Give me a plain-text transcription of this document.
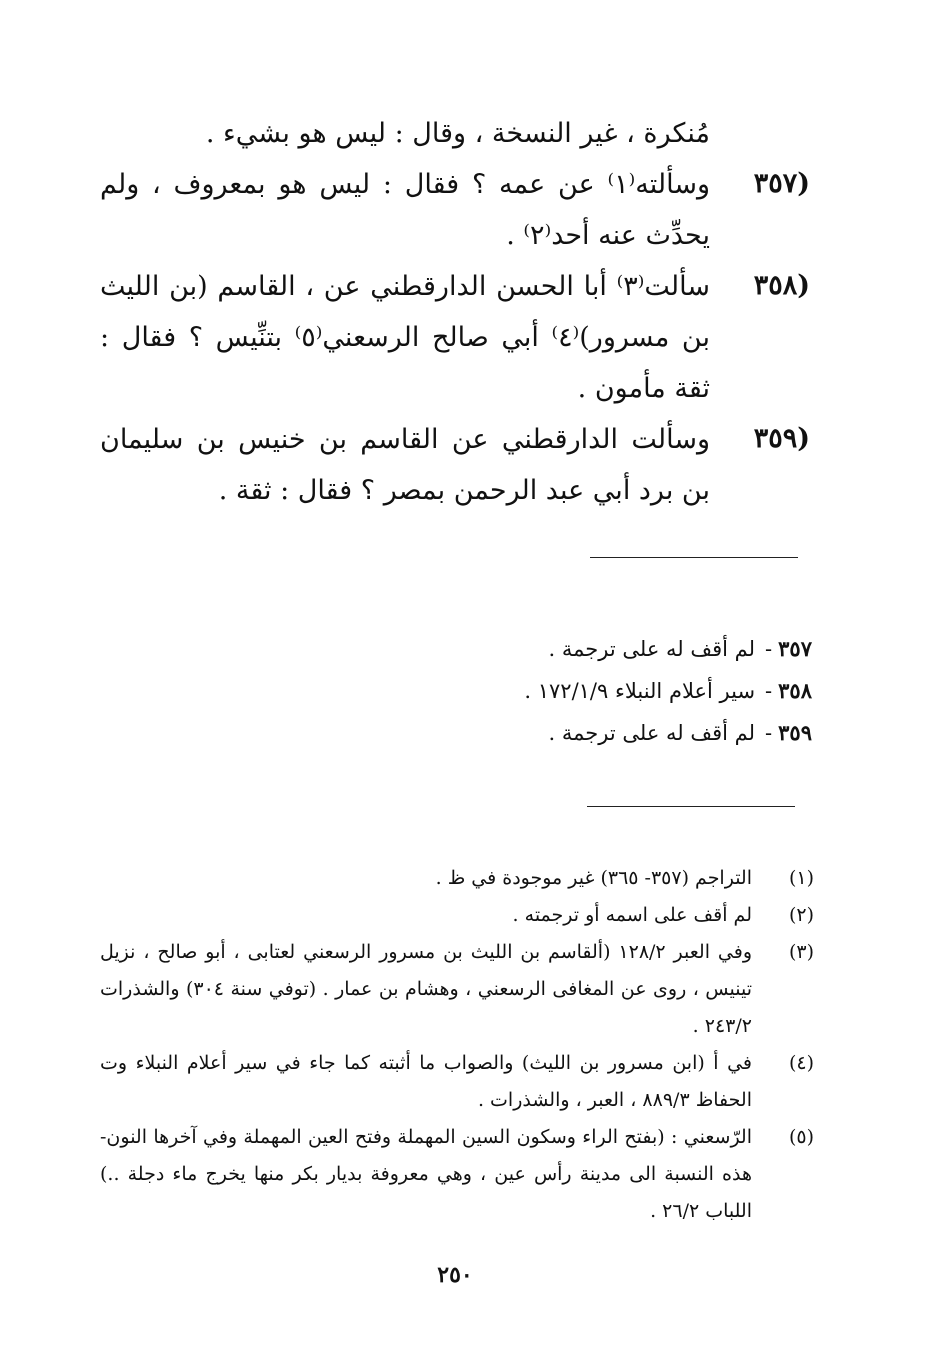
مُنكرة ، غير النسخة ، وقال : ليس هو بشيء .
(٣٥٧
وسألته⁽١⁾ عن عمه ؟ فقال : ليس هو بمعروف ، ولم يحدِّث عنه أحد⁽٢⁾ .
(٣٥٨
سألت⁽٣⁾ أبا الحسن الدارقطني عن ، القاسم (بن الليث بن مسرور)⁽٤⁾ أبي صالح الرسعني⁽٥⁾ بتنِّيس ؟ فقال : ثقة مأمون .
(٣٥٩
وسألت الدارقطني عن القاسم بن خنيس بن سليمان بن برد أبي عبد الرحمن بمصر ؟ فقال : ثقة .
٣٥٧
-
لم أقف له على ترجمة .
٣٥٨
-
سير أعلام النبلاء ١٧٢/١/٩ .
٣٥٩
-
لم أقف له على ترجمة .
(١)
التراجم (٣٥٧- ٣٦٥) غير موجودة في ظ .
(٢)
لم أقف على اسمه أو ترجمته .
(٣)
وفي العبر ١٢٨/٢ (ألقاسم بن الليث بن مسرور الرسعني لعتابى ، أبو صالح ، نزيل تينيس ، روى عن المغافى الرسعني ، وهشام بن عمار . (توفي سنة ٣٠٤) والشذرات ٢٤٣/٢ .
(٤)
في أ (ابن مسرور بن الليث) والصواب ما أثبته كما جاء في سير أعلام النبلاء وت الحفاظ ٨٨٩/٣ ، العبر ، والشذرات .
(٥)
الرّسعني : (بفتح الراء وسكون السين المهملة وفتح العين المهملة وفي آخرها النون- هذه النسبة الى مدينة رأس عين ، وهي معروفة بديار بكر منها يخرج ماء دجلة ..) اللباب ٢٦/٢ .
٢٥٠
